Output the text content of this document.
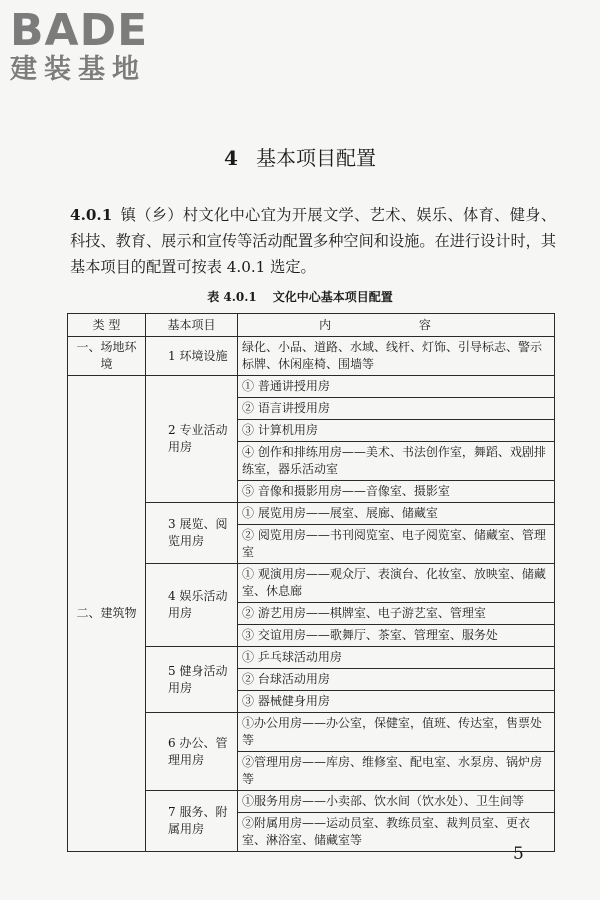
BADE
建装基地
4 基本项目配置
4.0.1 镇（乡）村文化中心宜为开展文学、艺术、娱乐、体育、健身、科技、教育、展示和宣传等活动配置多种空间和设施。在进行设计时，其基本项目的配置可按表 4.0.1 选定。
表 4.0.1 文化中心基本项目配置
类 型	基本项目	内 容
一、场地环境	1 环境设施	绿化、小品、道路、水域、线杆、灯饰、引导标志、警示标牌、休闲座椅、围墙等
二、建筑物	2 专业活动用房	① 普通讲授用房
		② 语言讲授用房
		③ 计算机用房
		④ 创作和排练用房——美术、书法创作室，舞蹈、戏剧排练室，器乐活动室
		⑤ 音像和摄影用房——音像室、摄影室
	3 展览、阅览用房	① 展览用房——展室、展廊、储藏室
		② 阅览用房——书刊阅览室、电子阅览室、储藏室、管理室
	4 娱乐活动用房	① 观演用房——观众厅、表演台、化妆室、放映室、储藏室、休息廊
		② 游艺用房——棋牌室、电子游艺室、管理室
		③ 交谊用房——歌舞厅、茶室、管理室、服务处
	5 健身活动用房	① 乒乓球活动用房
		② 台球活动用房
		③ 器械健身用房
	6 办公、管理用房	①办公用房——办公室，保健室，值班、传达室，售票处等
		②管理用房——库房、维修室、配电室、水泵房、锅炉房等
	7 服务、附属用房	①服务用房——小卖部、饮水间（饮水处）、卫生间等
		②附属用房——运动员室、教练员室、裁判员室、更衣室、淋浴室、储藏室等
5
